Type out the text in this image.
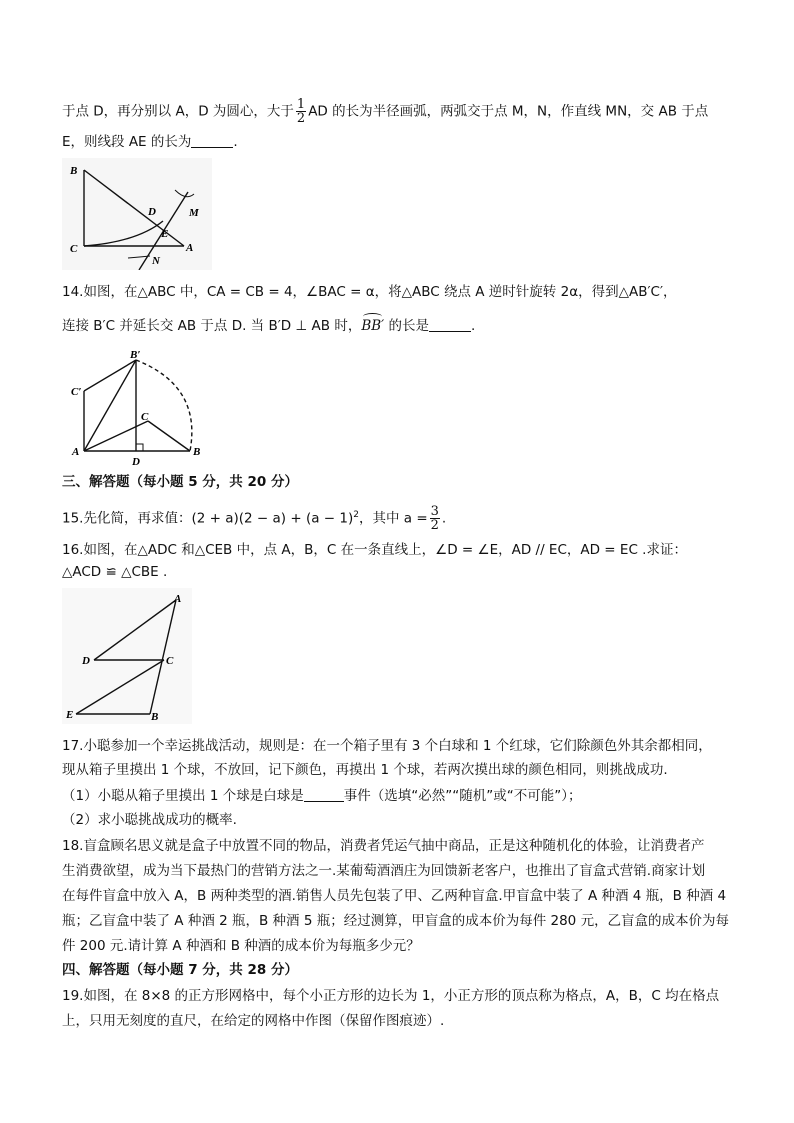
于点 D，再分别以 A，D 为圆心，大于 $\frac{1}{2}$ AD 的长为半径画弧，两弧交于点 M，N，作直线 MN，交 AB 于点
E，则线段 AE 的长为	.
B
C
D
E
M
A
N
14.如图，在△ABC 中，CA = CB = 4，∠BAC = α，将△ABC 绕点 A 逆时针旋转 2α，得到△AB′C′，
连接 B′C 并延长交 AB 于点 D. 当 B′D ⊥ AB 时，BB′
的长是	.
B′
C′
C
A
D
B
三、解答题（每小题 5 分，共 20 分）
15.先化简，再求值：$(2 + a)(2 - a) + (a - 1)^2$，其中 $a = \frac{3}{2}$ .
16.如图，在△ADC 和△CEB 中，点 A，B，C 在一条直线上，∠D = ∠E，AD // EC，AD = EC .求证：
△ACD ≌ △CBE .
A
D	C
E	B
17.小聪参加一个幸运挑战活动，规则是：在一个箱子里有 3 个白球和 1 个红球，它们除颜色外其余都相同，
现从箱子里摸出 1 个球，不放回，记下颜色，再摸出 1 个球，若两次摸出球的颜色相同，则挑战成功.
（1）小聪从箱子里摸出 1 个球是白球是	事件（选填“必然”“随机”或“不可能”）；
（2）求小聪挑战成功的概率.
18.盲盒顾名思义就是盒子中放置不同的物品，消费者凭运气抽中商品，正是这种随机化的体验，让消费者产
生消费欲望，成为当下最热门的营销方法之一.某葡萄酒酒庄为回馈新老客户，也推出了盲盒式营销.商家计划
在每件盲盒中放入 A，B 两种类型的酒.销售人员先包装了甲、乙两种盲盒.甲盲盒中装了 A 种酒 4 瓶，B 种酒 4
瓶；乙盲盒中装了 A 种酒 2 瓶，B 种酒 5 瓶；经过测算，甲盲盒的成本价为每件 280 元，乙盲盒的成本价为每
件 200 元.请计算 A 种酒和 B 种酒的成本价为每瓶多少元？
四、解答题（每小题 7 分，共 28 分）
19.如图，在 8×8 的正方形网格中，每个小正方形的边长为 1，小正方形的顶点称为格点，A，B，C 均在格点
上，只用无刻度的直尺，在给定的网格中作图（保留作图痕迹）.
